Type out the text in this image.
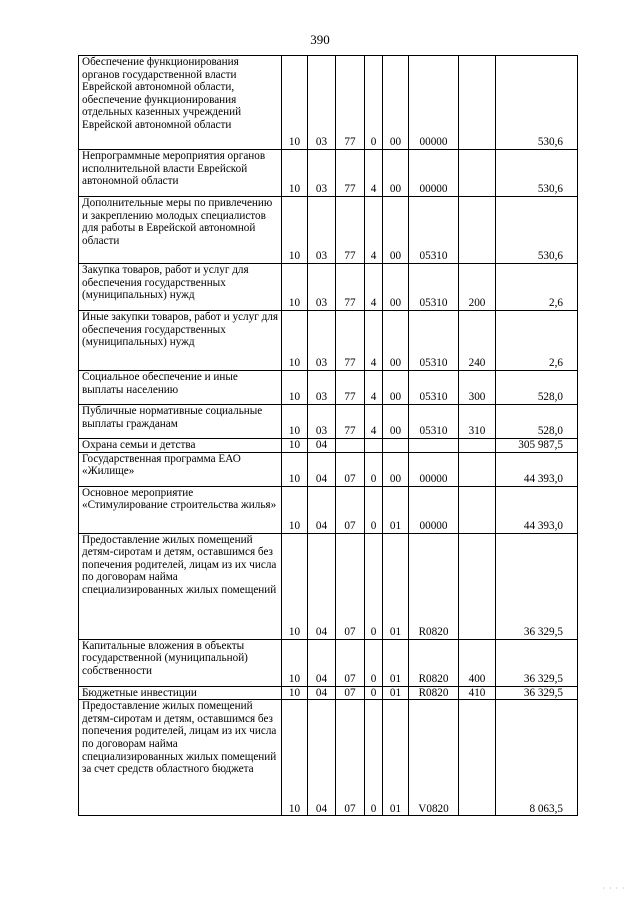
390
Обеспечение функционирования органов государственной власти Еврейской автономной области, обеспечение функционирования отдельных казенных учреждений Еврейской автономной области	10	03	77	0	00	00000		530,6
Непрограммные мероприятия органов исполнительной власти Еврейской автономной области	10	03	77	4	00	00000		530,6
Дополнительные меры по привлечению и закреплению молодых специалистов для работы в Еврейской автономной области	10	03	77	4	00	05310		530,6
Закупка товаров, работ и услуг для обеспечения государственных (муниципальных) нужд	10	03	77	4	00	05310	200	2,6
Иные закупки товаров, работ и услуг для обеспечения государственных (муниципальных) нужд	10	03	77	4	00	05310	240	2,6
Социальное обеспечение и иные выплаты населению	10	03	77	4	00	05310	300	528,0
Публичные нормативные социальные выплаты гражданам	10	03	77	4	00	05310	310	528,0
Охрана семьи и детства	10	04						305 987,5
Государственная программа ЕАО «Жилище»	10	04	07	0	00	00000		44 393,0
Основное мероприятие «Стимулирование строительства жилья»	10	04	07	0	01	00000		44 393,0
Предоставление жилых помещений детям-сиротам и детям, оставшимся без попечения родителей, лицам из их числа по договорам найма специализированных жилых помещений	10	04	07	0	01	R0820		36 329,5
Капитальные вложения в объекты государственной (муниципальной) собственности	10	04	07	0	01	R0820	400	36 329,5
Бюджетные инвестиции	10	04	07	0	01	R0820	410	36 329,5
Предоставление жилых помещений детям-сиротам и детям, оставшимся без попечения родителей, лицам из их числа по договорам найма специализированных жилых помещений за счет средств областного бюджета	10	04	07	0	01	V0820		8 063,5
· · · ·
